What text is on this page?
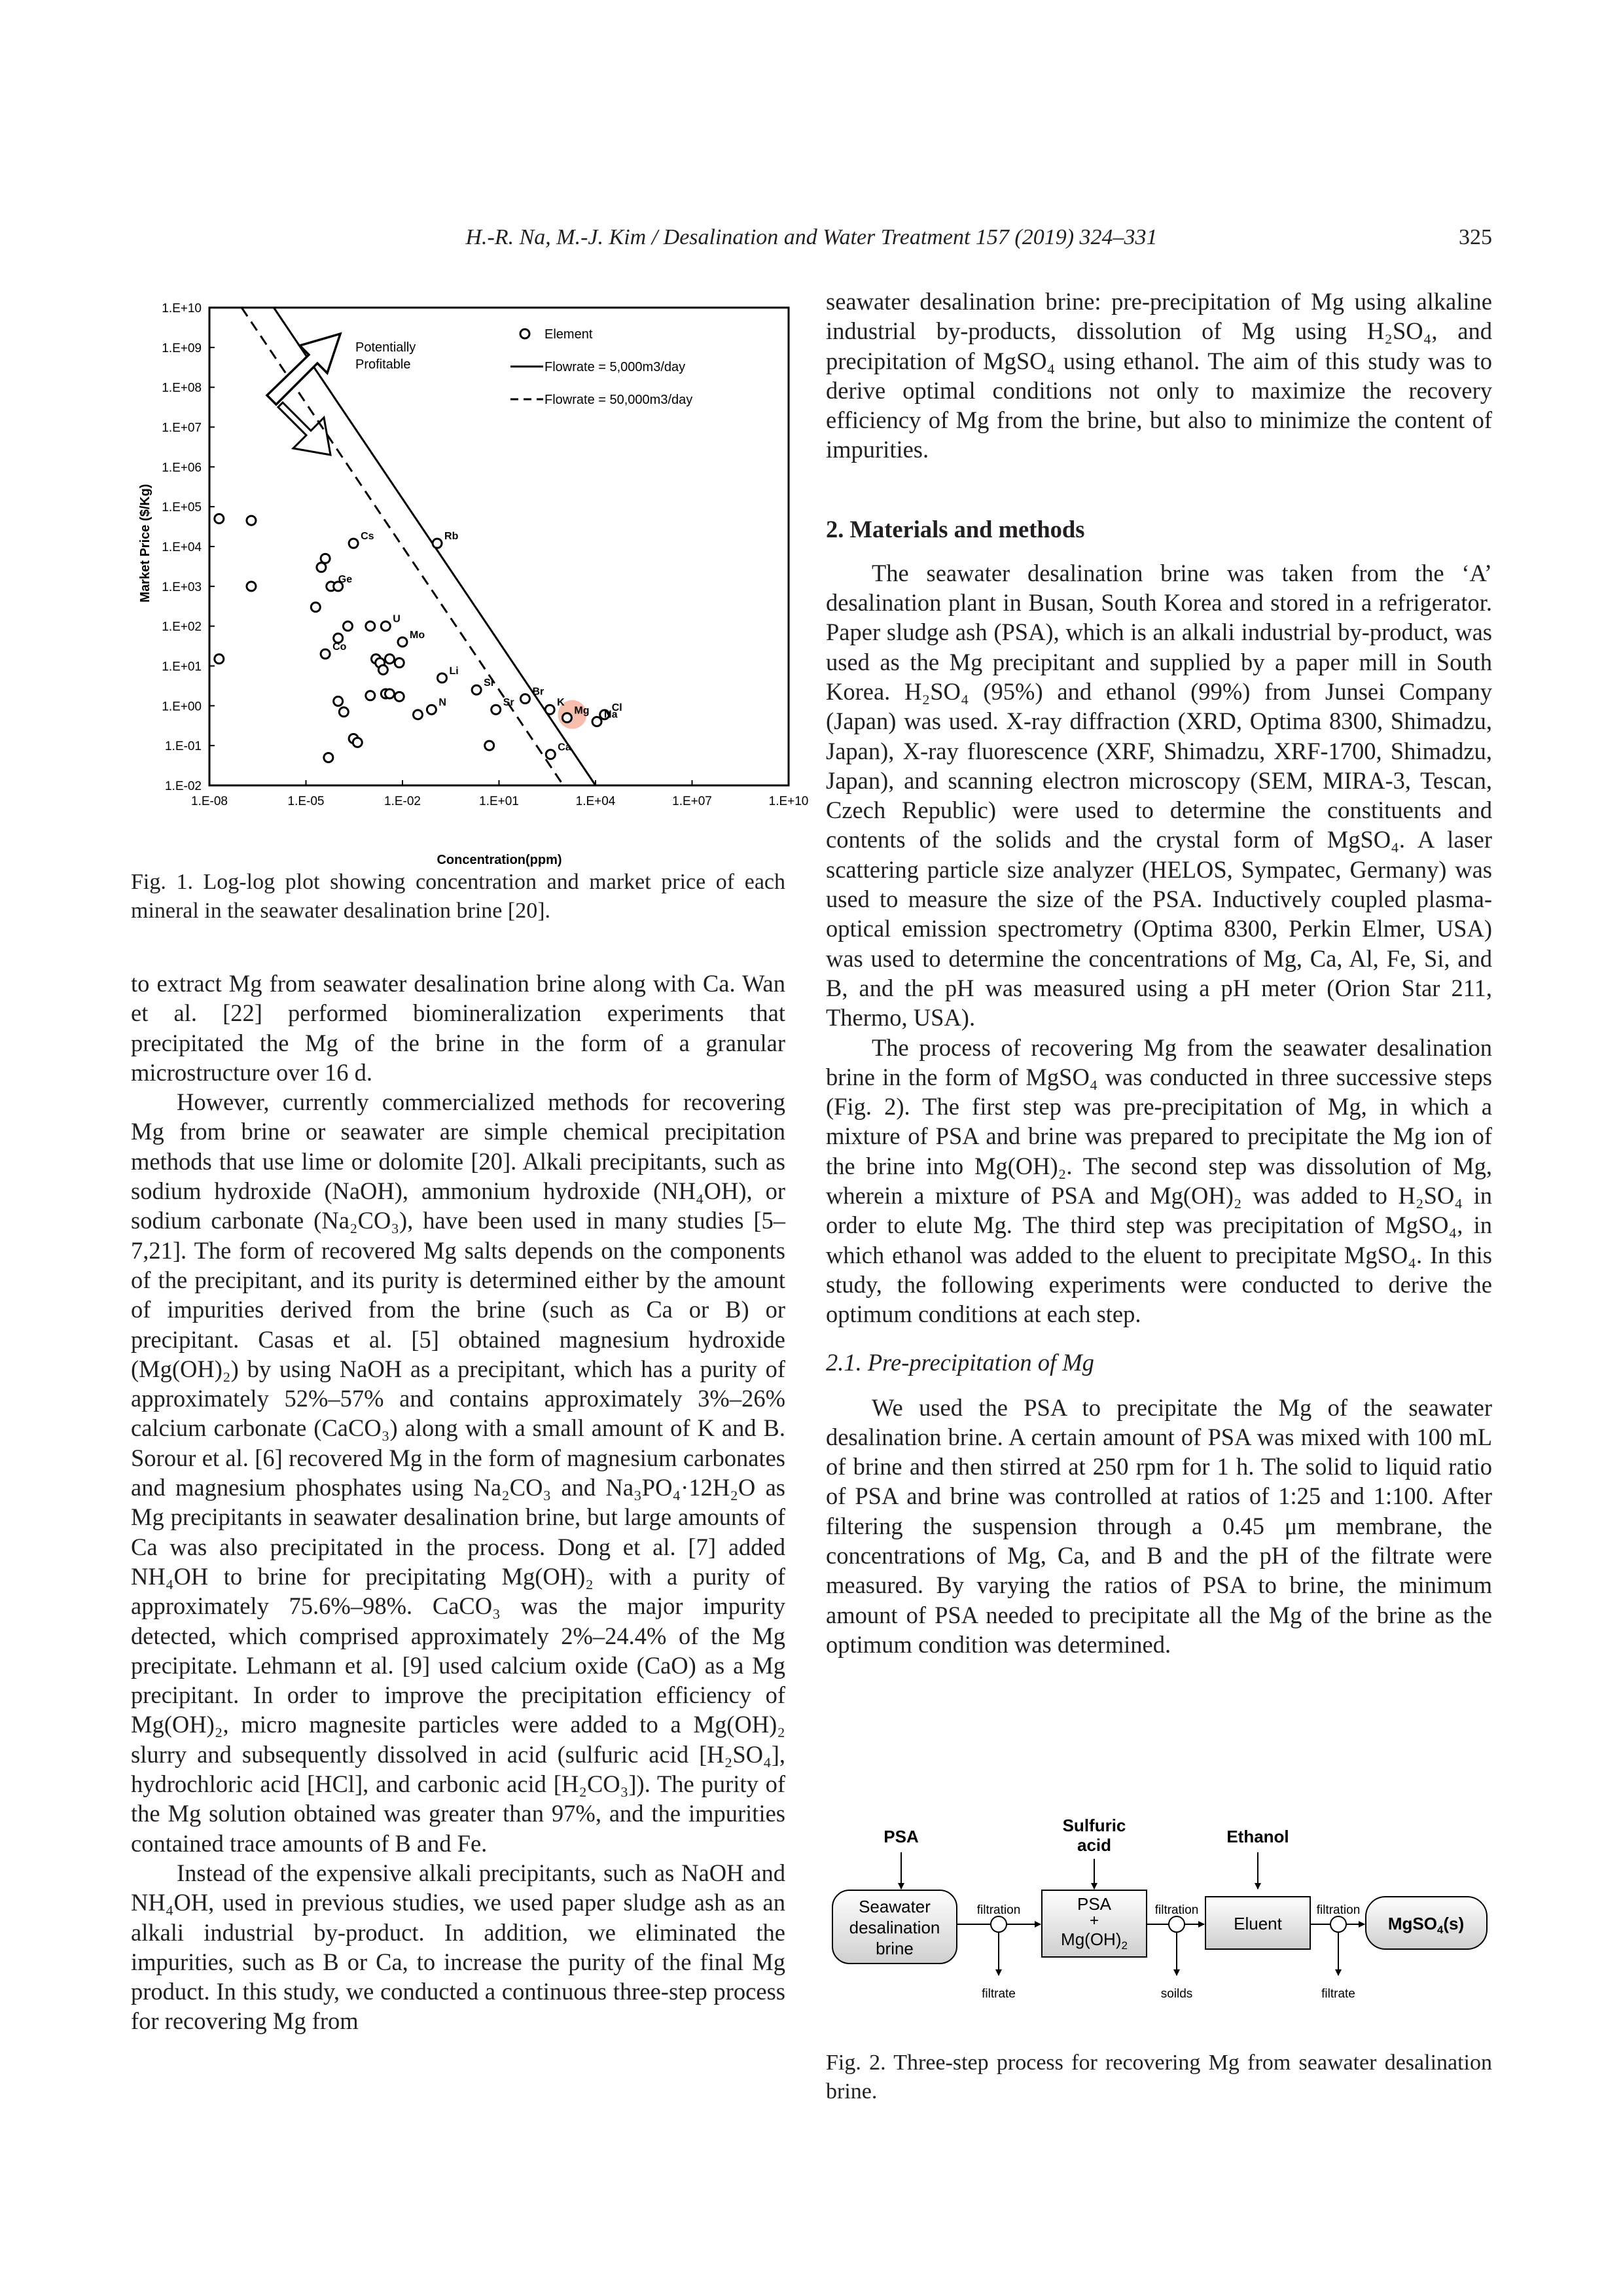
H.-R. Na, M.-J. Kim / Desalination and Water Treatment 157 (2019) 324–331	325
1.E+10
1.E+09
1.E+08
1.E+07
1.E+06
1.E+05
1.E+04
1.E+03
1.E+02
1.E+01
1.E+00
1.E-01
1.E-02
1.E-08	1.E-05	1.E-02	1.E+01	1.E+04	1.E+07	1.E+10
Rb
Cs
Ge
Co
U
Mo
Li
Si
N	Sr
Br
K
Mg Cl
Na
Ca
Potentially
Profitable
Element
Flowrate = 5,000m3/day
Flowrate = 50,000m3/day
Concentration(ppm)
Market Price ($/Kg)
Fig. 1. Log-log plot showing concentration and market price of each mineral in the seawater desalination brine [20].

to extract Mg from seawater desalination brine along with Ca. Wan et al. [22] performed biomineralization experiments that precipitated the Mg of the brine in the form of a granular microstructure over 16 d.

However, currently commercialized methods for recovering Mg from brine or seawater are simple chemical precipitation methods that use lime or dolomite [20]. Alkali precipitants, such as sodium hydroxide (NaOH), ammonium hydroxide (NH₄OH), or sodium carbonate (Na₂CO₃), have been used in many studies [5–7,21]. The form of recovered Mg salts depends on the components of the precipitant, and its purity is determined either by the amount of impurities derived from the brine (such as Ca or B) or precipitant. Casas et al. [5] obtained magnesium hydroxide (Mg(OH)₂) by using NaOH as a precipitant, which has a purity of approximately 52%–57% and contains approximately 3%–26% calcium carbonate (CaCO₃) along with a small amount of K and B. Sorour et al. [6] recovered Mg in the form of magnesium carbonates and magnesium phosphates using Na₂CO₃ and Na₃PO₄·12H₂O as Mg precipitants in seawater desalination brine, but large amounts of Ca was also precipitated in the process. Dong et al. [7] added NH₄OH to brine for precipitating Mg(OH)₂ with a purity of approximately 75.6%–98%. CaCO₃ was the major impurity detected, which comprised approximately 2%–24.4% of the Mg precipitate. Lehmann et al. [9] used calcium oxide (CaO) as a Mg precipitant. In order to improve the precipitation efficiency of Mg(OH)₂, micro magnesite particles were added to a Mg(OH)₂ slurry and subsequently dissolved in acid (sulfuric acid [H₂SO₄], hydrochloric acid [HCl], and carbonic acid [H₂CO₃]). The purity of the Mg solution obtained was greater than 97%, and the impurities contained trace amounts of B and Fe.

Instead of the expensive alkali precipitants, such as NaOH and NH₄OH, used in previous studies, we used paper sludge ash as an alkali industrial by-product. In addition, we eliminated the impurities, such as B or Ca, to increase the purity of the final Mg product. In this study, we conducted a continuous three-step process for recovering Mg from

seawater desalination brine: pre-precipitation of Mg using alkaline industrial by-products, dissolution of Mg using H₂SO₄, and precipitation of MgSO₄ using ethanol. The aim of this study was to derive optimal conditions not only to maximize the recovery efficiency of Mg from the brine, but also to minimize the content of impurities.

2. Materials and methods

The seawater desalination brine was taken from the ‘A’ desalination plant in Busan, South Korea and stored in a refrigerator. Paper sludge ash (PSA), which is an alkali industrial by-product, was used as the Mg precipitant and supplied by a paper mill in South Korea. H₂SO₄ (95%) and ethanol (99%) from Junsei Company (Japan) was used. X-ray diffraction (XRD, Optima 8300, Shimadzu, Japan), X-ray fluorescence (XRF, Shimadzu, XRF-1700, Shimadzu, Japan), and scanning electron microscopy (SEM, MIRA-3, Tescan, Czech Republic) were used to determine the constituents and contents of the solids and the crystal form of MgSO₄. A laser scattering particle size analyzer (HELOS, Sympatec, Germany) was used to measure the size of the PSA. Inductively coupled plasma-optical emission spectrometry (Optima 8300, Perkin Elmer, USA) was used to determine the concentrations of Mg, Ca, Al, Fe, Si, and B, and the pH was measured using a pH meter (Orion Star 211, Thermo, USA).

The process of recovering Mg from the seawater desalination brine in the form of MgSO₄ was conducted in three successive steps (Fig. 2). The first step was pre-precipitation of Mg, in which a mixture of PSA and brine was prepared to precipitate the Mg ion of the brine into Mg(OH)₂. The second step was dissolution of Mg, wherein a mixture of PSA and Mg(OH)₂ was added to H₂SO₄ in order to elute Mg. The third step was precipitation of MgSO₄, in which ethanol was added to the eluent to precipitate MgSO₄. In this study, the following experiments were conducted to derive the optimum conditions at each step.

2.1. Pre-precipitation of Mg

We used the PSA to precipitate the Mg of the seawater desalination brine. A certain amount of PSA was mixed with 100 mL of brine and then stirred at 250 rpm for 1 h. The solid to liquid ratio of PSA and brine was controlled at ratios of 1:25 and 1:100. After filtering the suspension through a 0.45 μm membrane, the concentrations of Mg, Ca, and B and the pH of the filtrate were measured. By varying the ratios of PSA to brine, the minimum amount of PSA needed to precipitate all the Mg of the brine as the optimum condition was determined.

PSA
Sulfuric
acid	Ethanol
Seawater
desalination
brine
PSA
+
$Mg(OH)_2$
Eluent	MgSO$_4$(s)
filtration
filtrate
filtration
soilds
filtration
filtrate
Fig. 2. Three-step process for recovering Mg from seawater desalination brine.
